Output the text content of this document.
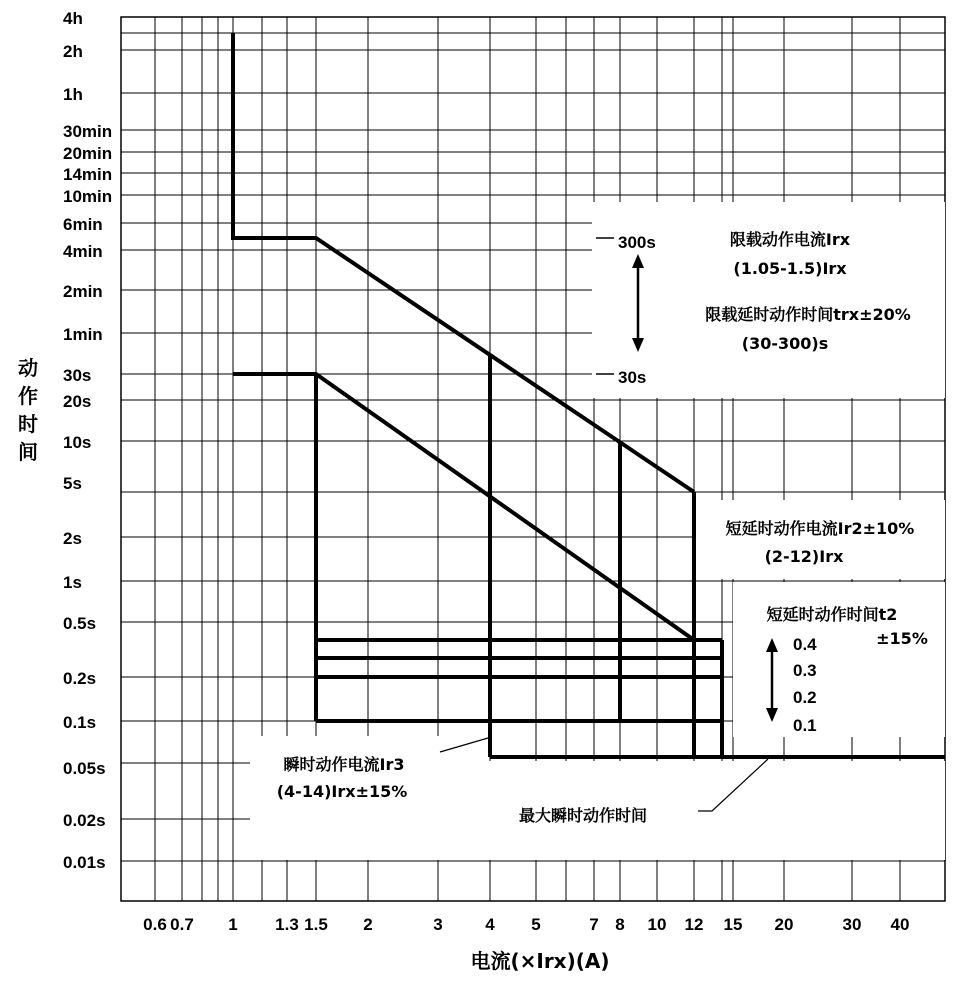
4h
2h
1h
30min
20min
14min
10min
6min
4min
2min
1min
30s
20s
10s
5s
2s
1s
0.5s
0.2s
0.1s
0.05s
0.02s
0.01s
0.6 0.7 1 1.3 1.5 2	3	4 5	7 8 10 12 15 20	30 40
限载动作电流Irx
(1.05-1.5)Irx
限载延时动作时间trx±20%
(30-300)s
300s
30s
短延时动作电流Ir2±10%
(2-12)Irx
短延时动作时间t2
±15%
0.4
0.3
0.2
0.1
瞬时动作电流Ir3
(4-14)Irx±15%
最大瞬时动作时间
电流(×Irx)(A)
动
作
时
间
